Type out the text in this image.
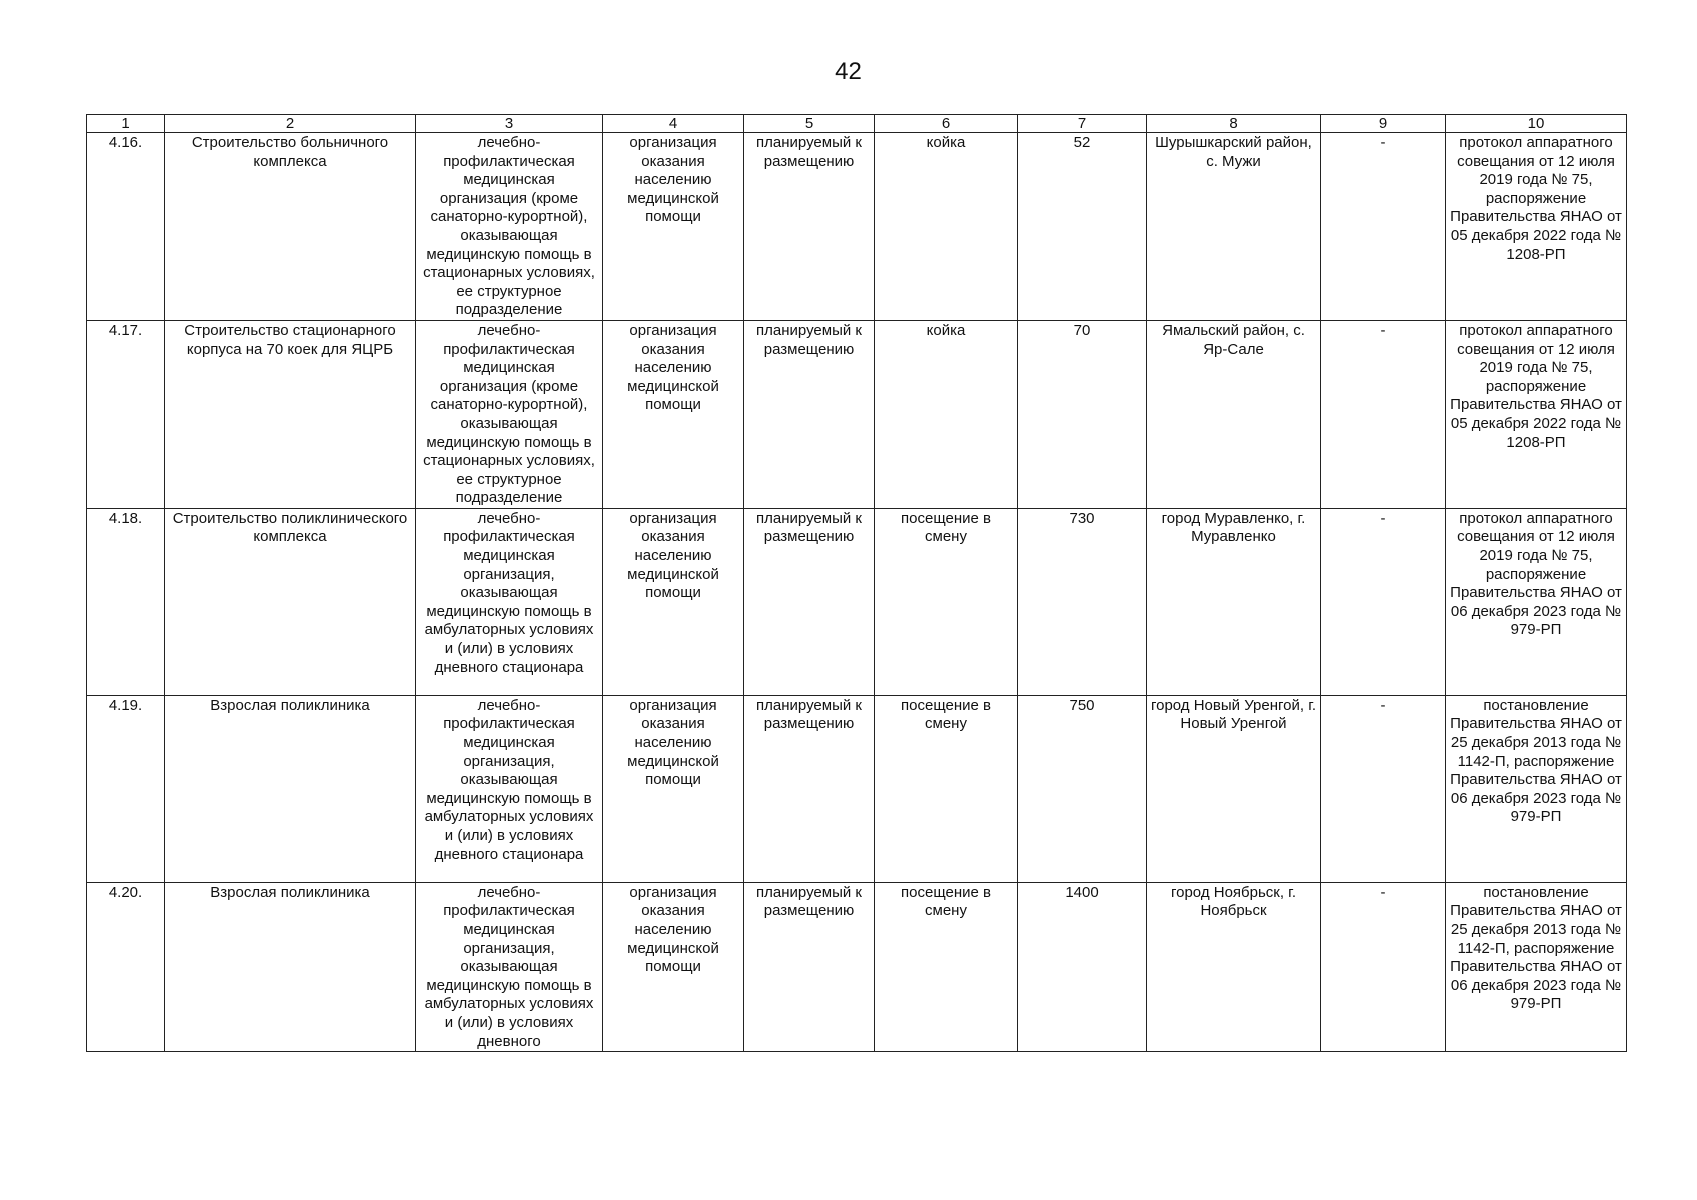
42
1	2	3	4	5	6	7	8	9	10
4.16.	Строительство больничного комплекса	лечебно-профилактическая медицинская организация (кроме санаторно-курортной), оказывающая медицинскую помощь в стационарных условиях, ее структурное подразделение	организация оказания населению медицинской помощи	планируемый к размещению	койка	52	Шурышкарский район, с. Мужи	-	протокол аппаратного совещания от 12 июля 2019 года № 75, распоряжение Правительства ЯНАО от 05 декабря 2022 года № 1208-РП
4.17.	Строительство стационарного корпуса на 70 коек для ЯЦРБ	лечебно-профилактическая медицинская организация (кроме санаторно-курортной), оказывающая медицинскую помощь в стационарных условиях, ее структурное подразделение	организация оказания населению медицинской помощи	планируемый к размещению	койка	70	Ямальский район, с. Яр-Сале	-	протокол аппаратного совещания от 12 июля 2019 года № 75, распоряжение Правительства ЯНАО от 05 декабря 2022 года № 1208-РП
4.18.	Строительство поликлинического комплекса	лечебно-профилактическая медицинская организация, оказывающая медицинскую помощь в амбулаторных условиях и (или) в условиях дневного стационара	организация оказания населению медицинской помощи	планируемый к размещению	посещение в смену	730	город Муравленко, г. Муравленко	-	протокол аппаратного совещания от 12 июля 2019 года № 75, распоряжение Правительства ЯНАО от 06 декабря 2023 года № 979-РП
4.19.	Взрослая поликлиника	лечебно-профилактическая медицинская организация, оказывающая медицинскую помощь в амбулаторных условиях и (или) в условиях дневного стационара	организация оказания населению медицинской помощи	планируемый к размещению	посещение в смену	750	город Новый Уренгой, г. Новый Уренгой	-	постановление Правительства ЯНАО от 25 декабря 2013 года № 1142-П, распоряжение Правительства ЯНАО от 06 декабря 2023 года № 979-РП
4.20.	Взрослая поликлиника	лечебно-профилактическая медицинская организация, оказывающая медицинскую помощь в амбулаторных условиях и (или) в условиях дневного	организация оказания населению медицинской помощи	планируемый к размещению	посещение в смену	1400	город Ноябрьск, г. Ноябрьск	-	постановление Правительства ЯНАО от 25 декабря 2013 года № 1142-П, распоряжение Правительства ЯНАО от 06 декабря 2023 года № 979-РП
